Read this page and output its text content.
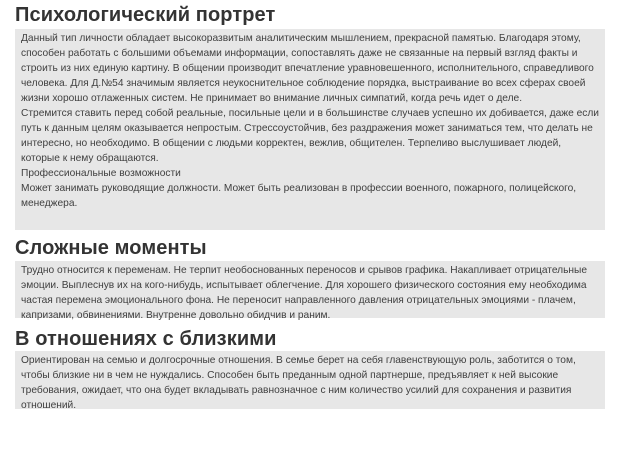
Психологический портрет

Данный тип личности обладает высокоразвитым аналитическим мышлением, прекрасной памятью. Благодаря этому, способен работать с большими объемами информации, сопоставлять даже не связанные на первый взгляд факты и строить из них единую картину. В общении производит впечатление уравновешенного, исполнительного, справедливого человека. Для Д.№54 значимым является неукоснительное соблюдение порядка, выстраивание во всех сферах своей жизни хорошо отлаженных систем. Не принимает во внимание личных симпатий, когда речь идет о деле.

Стремится ставить перед собой реальные, посильные цели и в большинстве случаев успешно их добивается, даже если путь к данным целям оказывается непростым. Стрессоустойчив, без раздражения может заниматься тем, что делать не интересно, но необходимо. В общении с людьми корректен, вежлив, общителен. Терпеливо выслушивает людей, которые к нему обращаются.

Профессиональные возможности

Может занимать руководящие должности. Может быть реализован в профессии военного, пожарного, полицейского, менеджера.

Сложные моменты

Трудно относится к переменам. Не терпит необоснованных переносов и срывов графика. Накапливает отрицательные эмоции. Выплеснув их на кого-нибудь, испытывает облегчение. Для хорошего физического состояния ему необходима частая перемена эмоционального фона. Не переносит направленного давления отрицательных эмоциями - плачем, капризами, обвинениями. Внутренне довольно обидчив и раним.

В отношениях с близкими

Ориентирован на семью и долгосрочные отношения. В семье берет на себя главенствующую роль, заботится о том, чтобы близкие ни в чем не нуждались. Способен быть преданным одной партнерше, предъявляет к ней высокие требования, ожидает, что она будет вкладывать равнозначное с ним количество усилий для сохранения и развития отношений.
